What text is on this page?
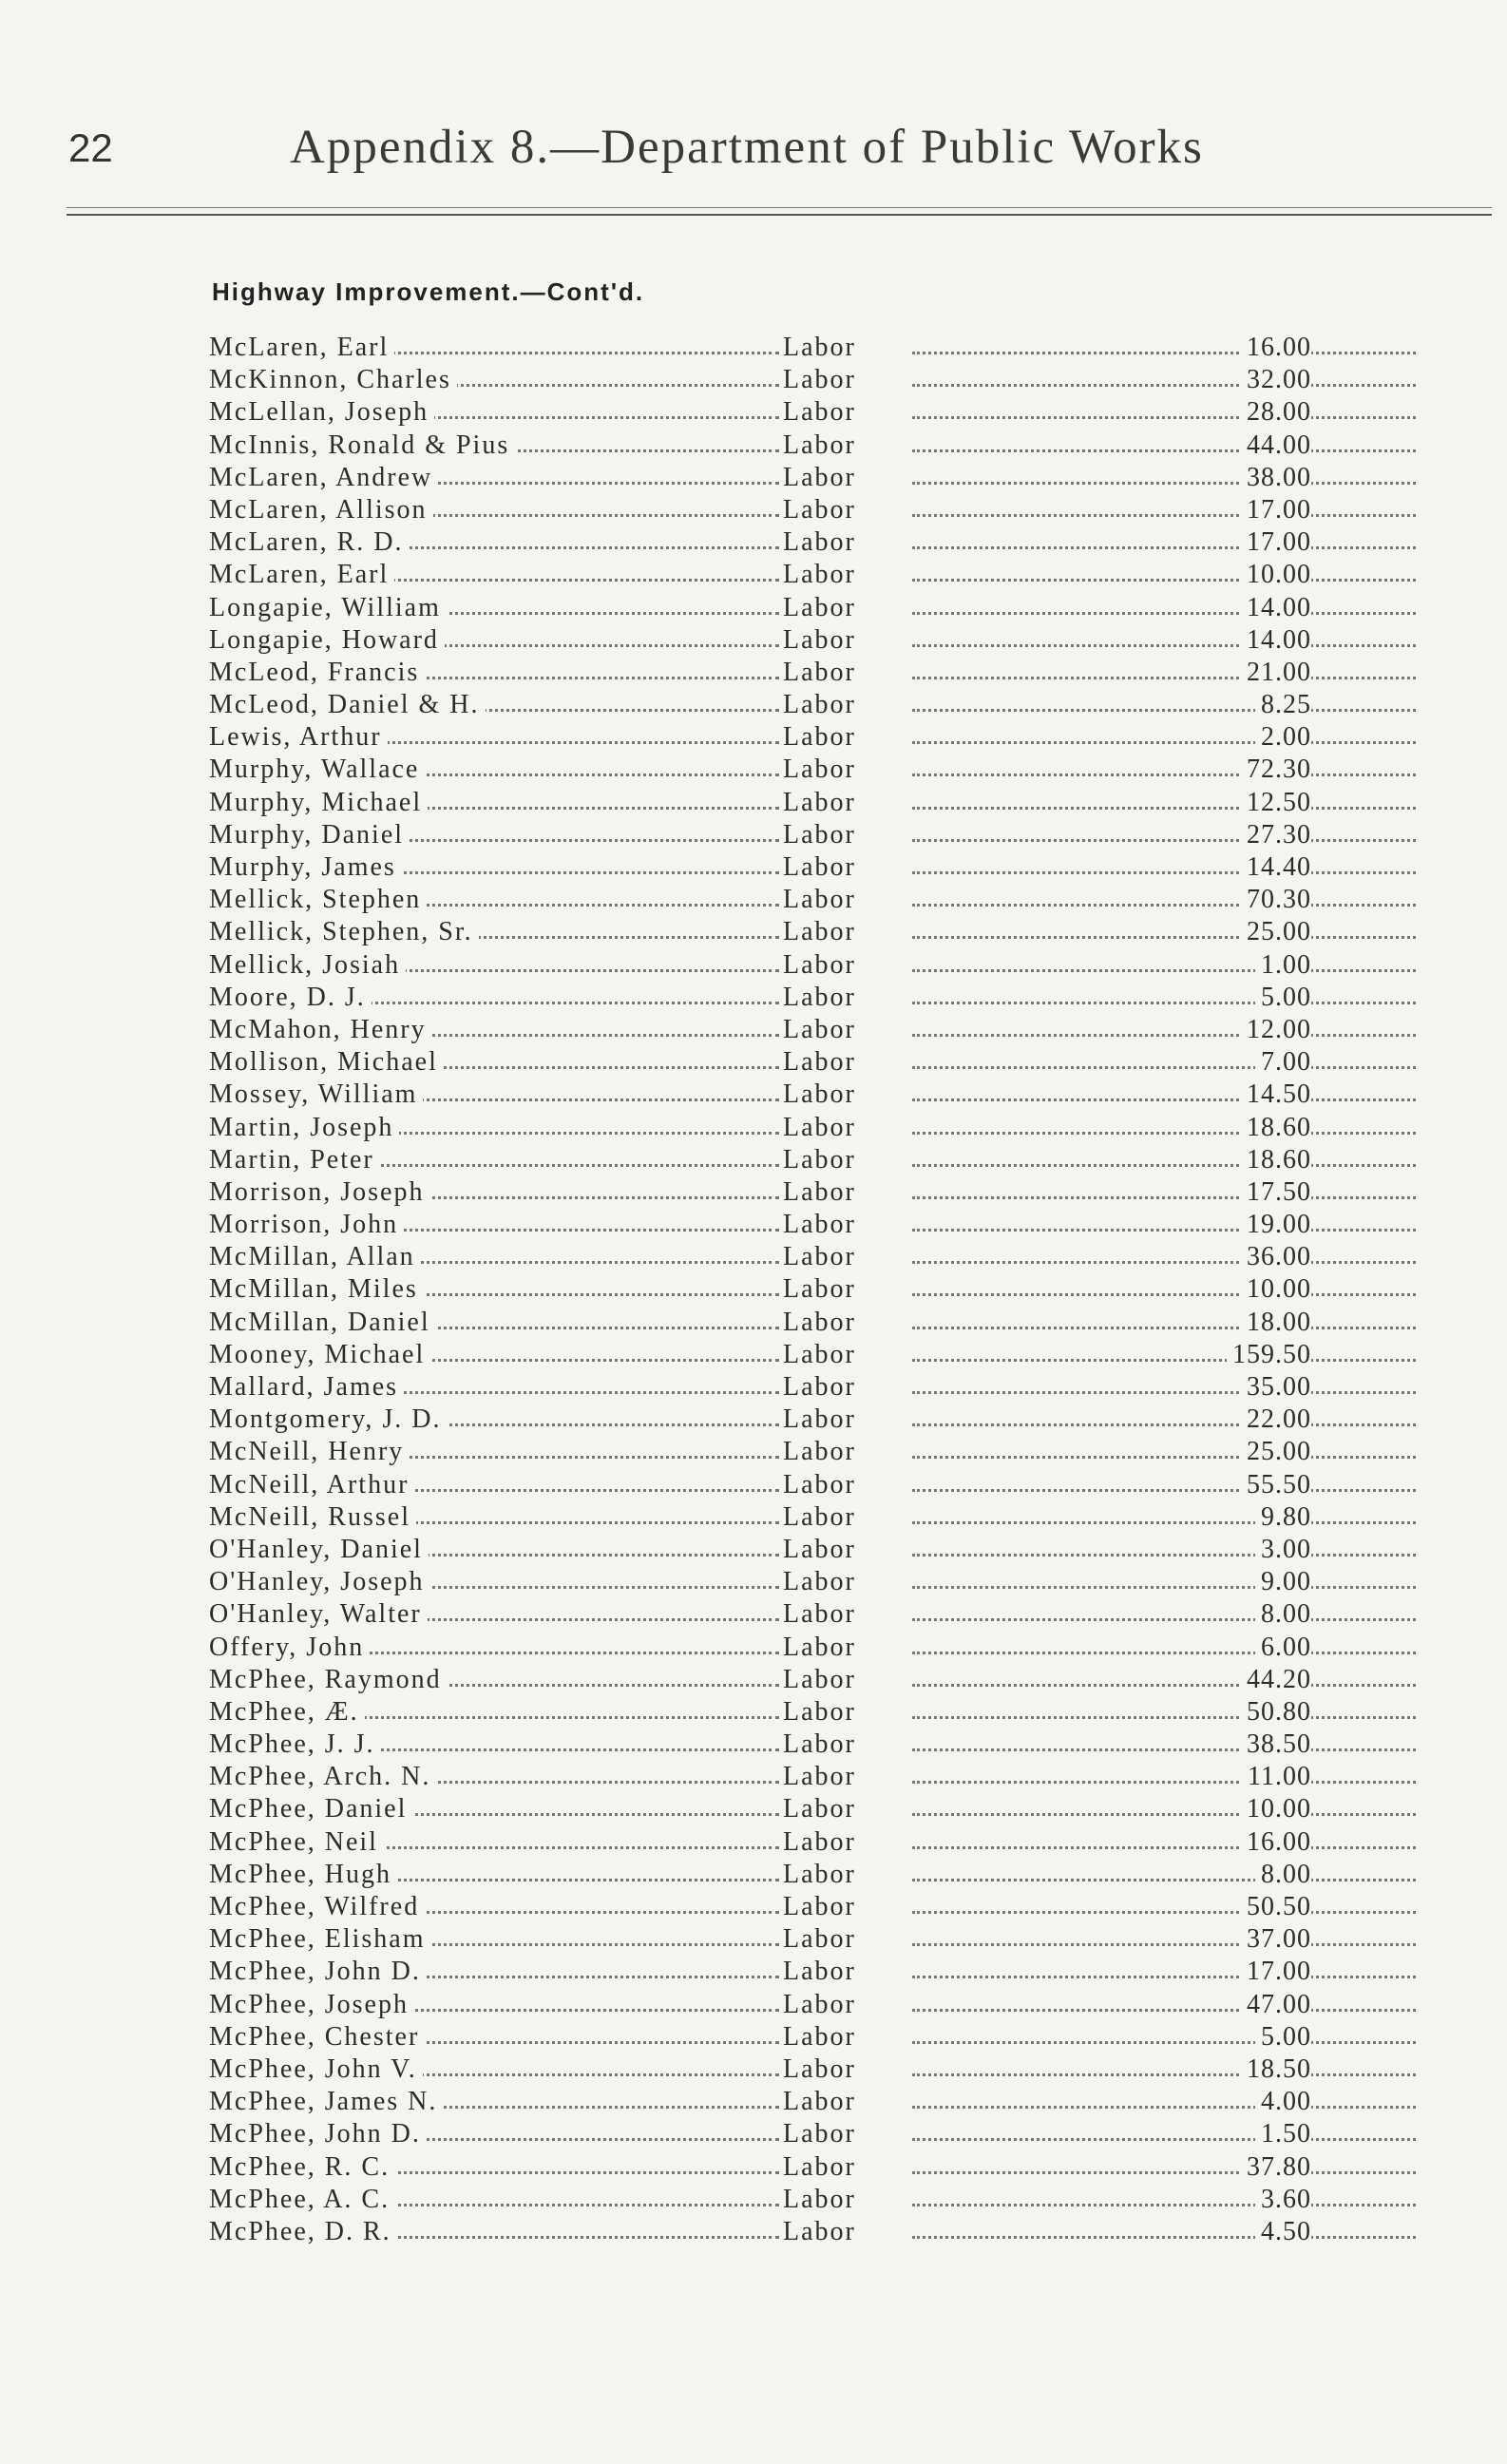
22	Appendix 8.—Department of Public Works
Highway Improvement.—Cont'd.
McLaren, Earl	Labor	16.00
McKinnon, Charles	Labor	32.00
McLellan, Joseph	Labor	28.00
McInnis, Ronald & Pius	Labor	44.00
McLaren, Andrew	Labor	38.00
McLaren, Allison	Labor	17.00
McLaren, R. D.	Labor	17.00
McLaren, Earl	Labor	10.00
Longapie, William	Labor	14.00
Longapie, Howard	Labor	14.00
McLeod, Francis	Labor	21.00
McLeod, Daniel & H.	Labor	8.25
Lewis, Arthur	Labor	2.00
Murphy, Wallace	Labor	72.30
Murphy, Michael	Labor	12.50
Murphy, Daniel	Labor	27.30
Murphy, James	Labor	14.40
Mellick, Stephen	Labor	70.30
Mellick, Stephen, Sr.	Labor	25.00
Mellick, Josiah	Labor	1.00
Moore, D. J.	Labor	5.00
McMahon, Henry	Labor	12.00
Mollison, Michael	Labor	7.00
Mossey, William	Labor	14.50
Martin, Joseph	Labor	18.60
Martin, Peter	Labor	18.60
Morrison, Joseph	Labor	17.50
Morrison, John	Labor	19.00
McMillan, Allan	Labor	36.00
McMillan, Miles	Labor	10.00
McMillan, Daniel	Labor	18.00
Mooney, Michael	Labor	159.50
Mallard, James	Labor	35.00
Montgomery, J. D.	Labor	22.00
McNeill, Henry	Labor	25.00
McNeill, Arthur	Labor	55.50
McNeill, Russel	Labor	9.80
O'Hanley, Daniel	Labor	3.00
O'Hanley, Joseph	Labor	9.00
O'Hanley, Walter	Labor	8.00
Offery, John	Labor	6.00
McPhee, Raymond	Labor	44.20
McPhee, Æ.	Labor	50.80
McPhee, J. J.	Labor	38.50
McPhee, Arch. N.	Labor	11.00
McPhee, Daniel	Labor	10.00
McPhee, Neil	Labor	16.00
McPhee, Hugh	Labor	8.00
McPhee, Wilfred	Labor	50.50
McPhee, Elisham	Labor	37.00
McPhee, John D.	Labor	17.00
McPhee, Joseph	Labor	47.00
McPhee, Chester	Labor	5.00
McPhee, John V.	Labor	18.50
McPhee, James N.	Labor	4.00
McPhee, John D.	Labor	1.50
McPhee, R. C.	Labor	37.80
McPhee, A. C.	Labor	3.60
McPhee, D. R.	Labor	4.50
